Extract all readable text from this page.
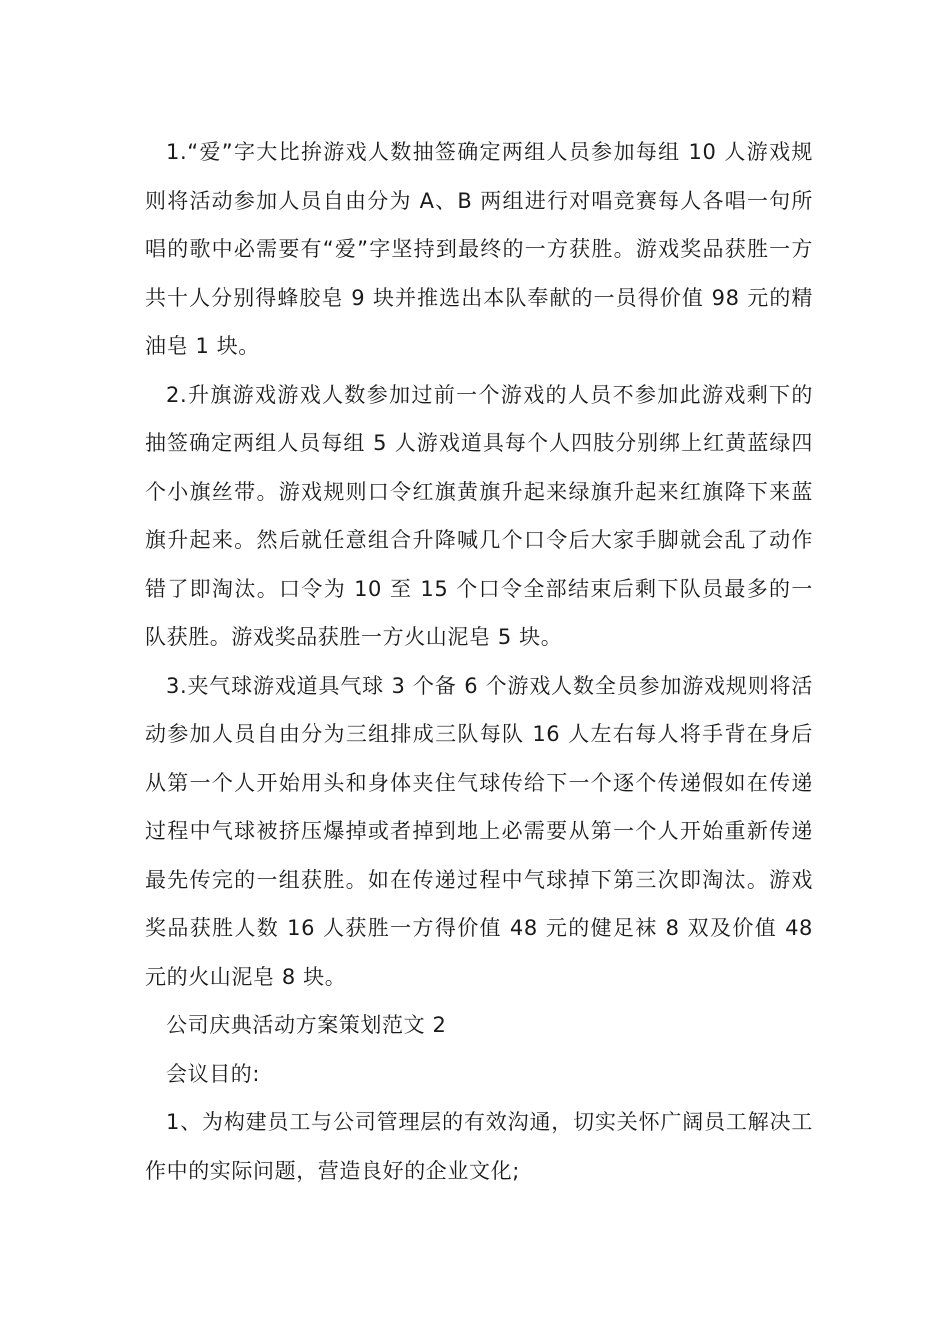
1.“爱”字大比拚游戏人数抽签确定两组人员参加每组 10 人游戏规则将活动参加人员自由分为 A、B 两组进行对唱竞赛每人各唱一句所唱的歌中必需要有“爱”字坚持到最终的一方获胜。游戏奖品获胜一方共十人分别得蜂胶皂 9 块并推选出本队奉献的一员得价值 98 元的精油皂 1 块。

2.升旗游戏游戏人数参加过前一个游戏的人员不参加此游戏剩下的抽签确定两组人员每组 5 人游戏道具每个人四肢分别绑上红黄蓝绿四个小旗丝带。游戏规则口令红旗黄旗升起来绿旗升起来红旗降下来蓝旗升起来。然后就任意组合升降喊几个口令后大家手脚就会乱了动作错了即淘汰。口令为 10 至 15 个口令全部结束后剩下队员最多的一队获胜。游戏奖品获胜一方火山泥皂 5 块。

3.夹气球游戏道具气球 3 个备 6 个游戏人数全员参加游戏规则将活动参加人员自由分为三组排成三队每队 16 人左右每人将手背在身后从第一个人开始用头和身体夹住气球传给下一个逐个传递假如在传递过程中气球被挤压爆掉或者掉到地上必需要从第一个人开始重新传递最先传完的一组获胜。如在传递过程中气球掉下第三次即淘汰。游戏奖品获胜人数 16 人获胜一方得价值 48 元的健足袜 8 双及价值 48 元的火山泥皂 8 块。

公司庆典活动方案策划范文 2

会议目的:

1、为构建员工与公司管理层的有效沟通，切实关怀广阔员工解决工作中的实际问题，营造良好的企业文化;
